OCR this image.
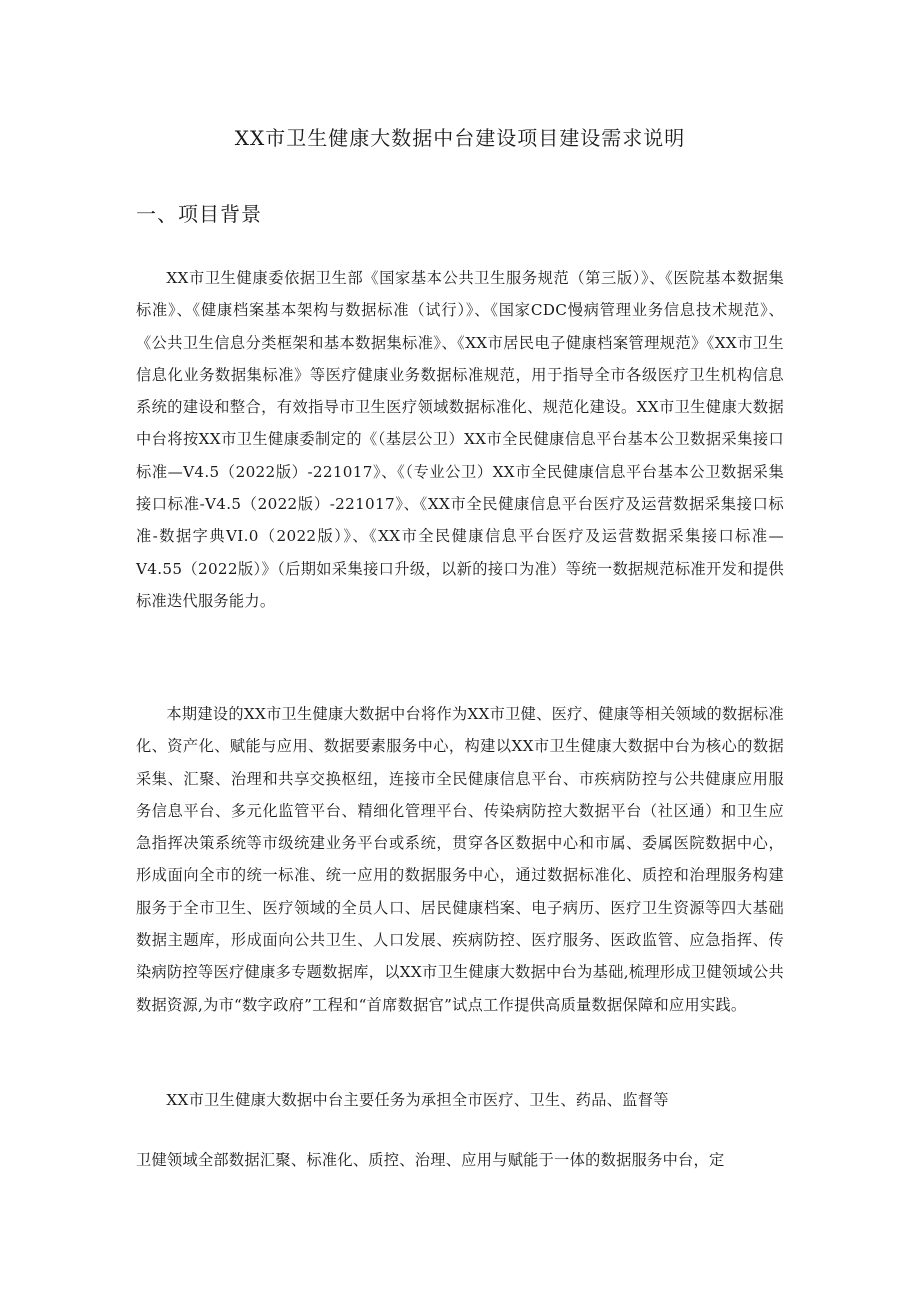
XX市卫生健康大数据中台建设项目建设需求说明
一、项目背景

XX市卫生健康委依据卫生部《国家基本公共卫生服务规范（第三版）》、《医院基本数据集标准》、《健康档案基本架构与数据标准（试行）》、《国家CDC慢病管理业务信息技术规范》、《公共卫生信息分类框架和基本数据集标准》、《XX市居民电子健康档案管理规范》《XX市卫生信息化业务数据集标准》等医疗健康业务数据标准规范，用于指导全市各级医疗卫生机构信息系统的建设和整合，有效指导市卫生医疗领域数据标准化、规范化建设。XX市卫生健康大数据中台将按XX市卫生健康委制定的《（基层公卫）XX市全民健康信息平台基本公卫数据采集接口标准—V4.5（2022版）-221017》、《（专业公卫）XX市全民健康信息平台基本公卫数据采集接口标准-V4.5（2022版）-221017》、《XX市全民健康信息平台医疗及运营数据采集接口标准-数据字典VI.0（2022版）》、《XX市全民健康信息平台医疗及运营数据采集接口标准—V4.55（2022版）》（后期如采集接口升级，以新的接口为准）等统一数据规范标准开发和提供标准迭代服务能力。

本期建设的XX市卫生健康大数据中台将作为XX市卫健、医疗、健康等相关领域的数据标准化、资产化、赋能与应用、数据要素服务中心，构建以XX市卫生健康大数据中台为核心的数据采集、汇聚、治理和共享交换枢纽，连接市全民健康信息平台、市疾病防控与公共健康应用服务信息平台、多元化监管平台、精细化管理平台、传染病防控大数据平台（社区通）和卫生应急指挥决策系统等市级统建业务平台或系统，贯穿各区数据中心和市属、委属医院数据中心，形成面向全市的统一标准、统一应用的数据服务中心，通过数据标准化、质控和治理服务构建服务于全市卫生、医疗领域的全员人口、居民健康档案、电子病历、医疗卫生资源等四大基础数据主题库，形成面向公共卫生、人口发展、疾病防控、医疗服务、医政监管、应急指挥、传染病防控等医疗健康多专题数据库，以XX市卫生健康大数据中台为基础,梳理形成卫健领域公共数据资源,为市“数字政府”工程和“首席数据官”试点工作提供高质量数据保障和应用实践。

XX市卫生健康大数据中台主要任务为承担全市医疗、卫生、药品、监督等

卫健领域全部数据汇聚、标准化、质控、治理、应用与赋能于一体的数据服务中台，定
